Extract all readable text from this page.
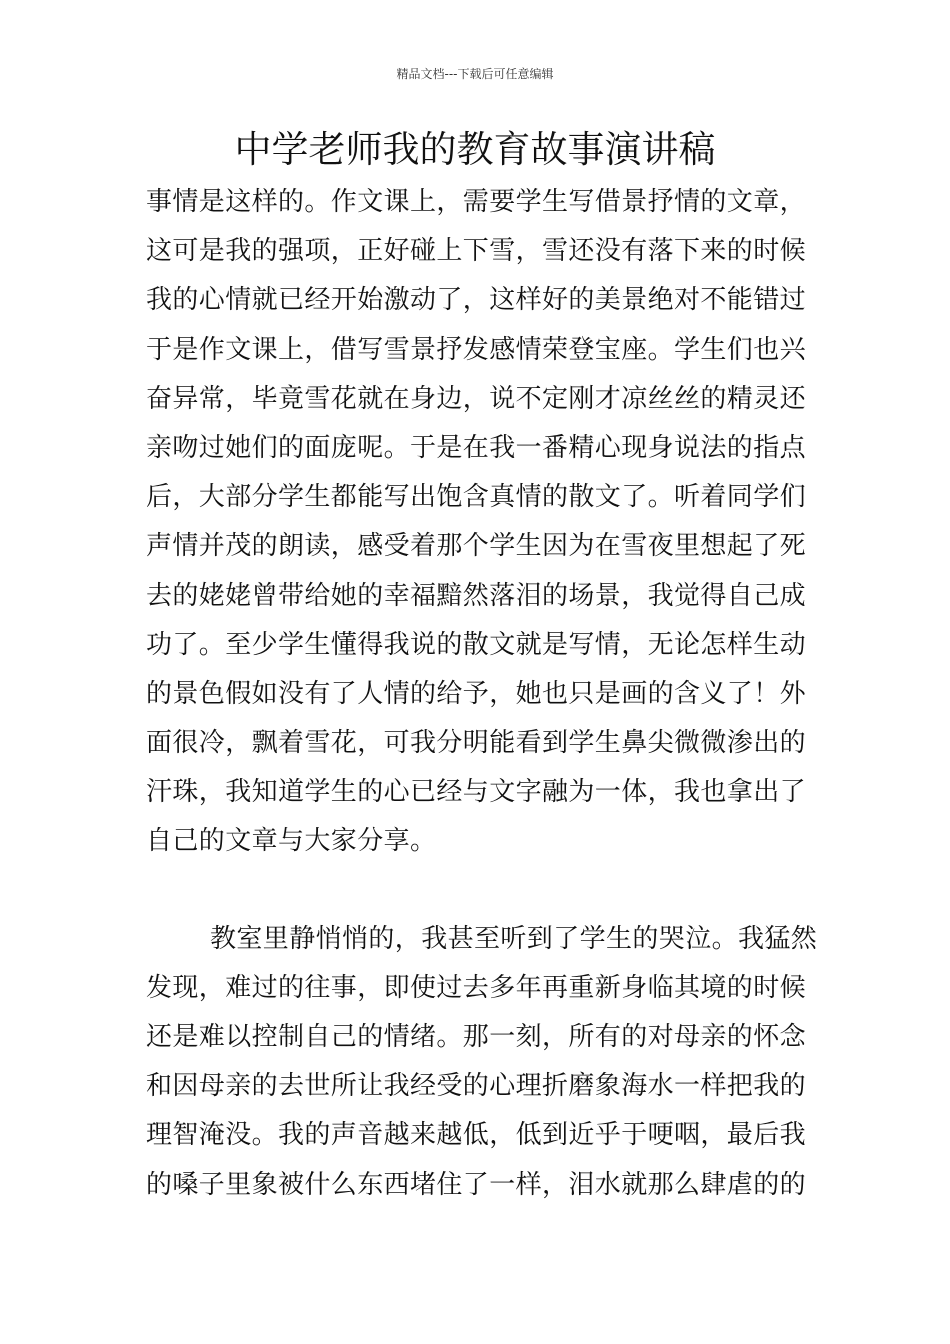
精品文档---下载后可任意编辑
中学老师我的教育故事演讲稿
事情是这样的。作文课上，需要学生写借景抒情的文章，
这可是我的强项，正好碰上下雪，雪还没有落下来的时候
我的心情就已经开始激动了，这样好的美景绝对不能错过
于是作文课上，借写雪景抒发感情荣登宝座。学生们也兴
奋异常，毕竟雪花就在身边，说不定刚才凉丝丝的精灵还
亲吻过她们的面庞呢。于是在我一番精心现身说法的指点
后，大部分学生都能写出饱含真情的散文了。听着同学们
声情并茂的朗读，感受着那个学生因为在雪夜里想起了死
去的姥姥曾带给她的幸福黯然落泪的场景，我觉得自己成
功了。至少学生懂得我说的散文就是写情，无论怎样生动
的景色假如没有了人情的给予，她也只是画的含义了！外
面很冷，飘着雪花，可我分明能看到学生鼻尖微微渗出的
汗珠，我知道学生的心已经与文字融为一体，我也拿出了
自己的文章与大家分享。
教室里静悄悄的，我甚至听到了学生的哭泣。我猛然
发现，难过的往事，即使过去多年再重新身临其境的时候
还是难以控制自己的情绪。那一刻，所有的对母亲的怀念
和因母亲的去世所让我经受的心理折磨象海水一样把我的
理智淹没。我的声音越来越低，低到近乎于哽咽，最后我
的嗓子里象被什么东西堵住了一样，泪水就那么肆虐的的
